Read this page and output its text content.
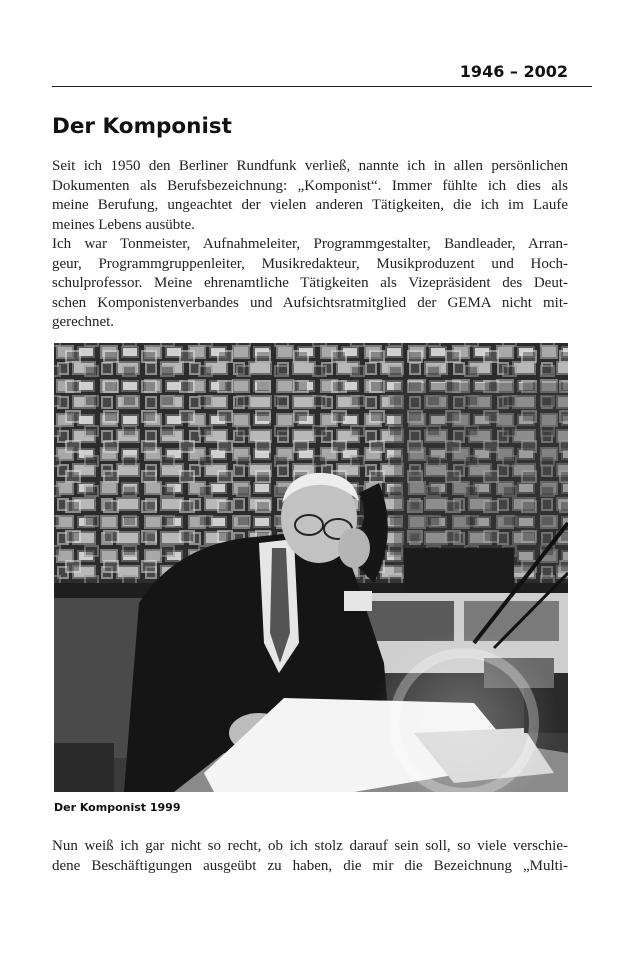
1946 – 2002
Der Komponist

Seit ich 1950 den Berliner Rundfunk verließ, nannte ich in allen persönlichen
Dokumenten als Berufsbezeichnung: „Komponist“. Immer fühlte ich dies als
meine Berufung, ungeachtet der vielen anderen Tätigkeiten, die ich im Laufe
meines Lebens ausübte.

Ich war Tonmeister, Aufnahmeleiter, Programmgestalter, Bandleader, Arran-
geur, Programmgruppenleiter, Musikredakteur, Musikproduzent und Hoch-
schulprofessor. Meine ehrenamtliche Tätigkeiten als Vizepräsident des Deut-
schen Komponistenverbandes und Aufsichtsratmitglied der GEMA nicht mit-
gerechnet.

Der Komponist 1999

Nun weiß ich gar nicht so recht, ob ich stolz darauf sein soll, so viele verschie-
dene Beschäftigungen ausgeübt zu haben, die mir die Bezeichnung „Multi-
